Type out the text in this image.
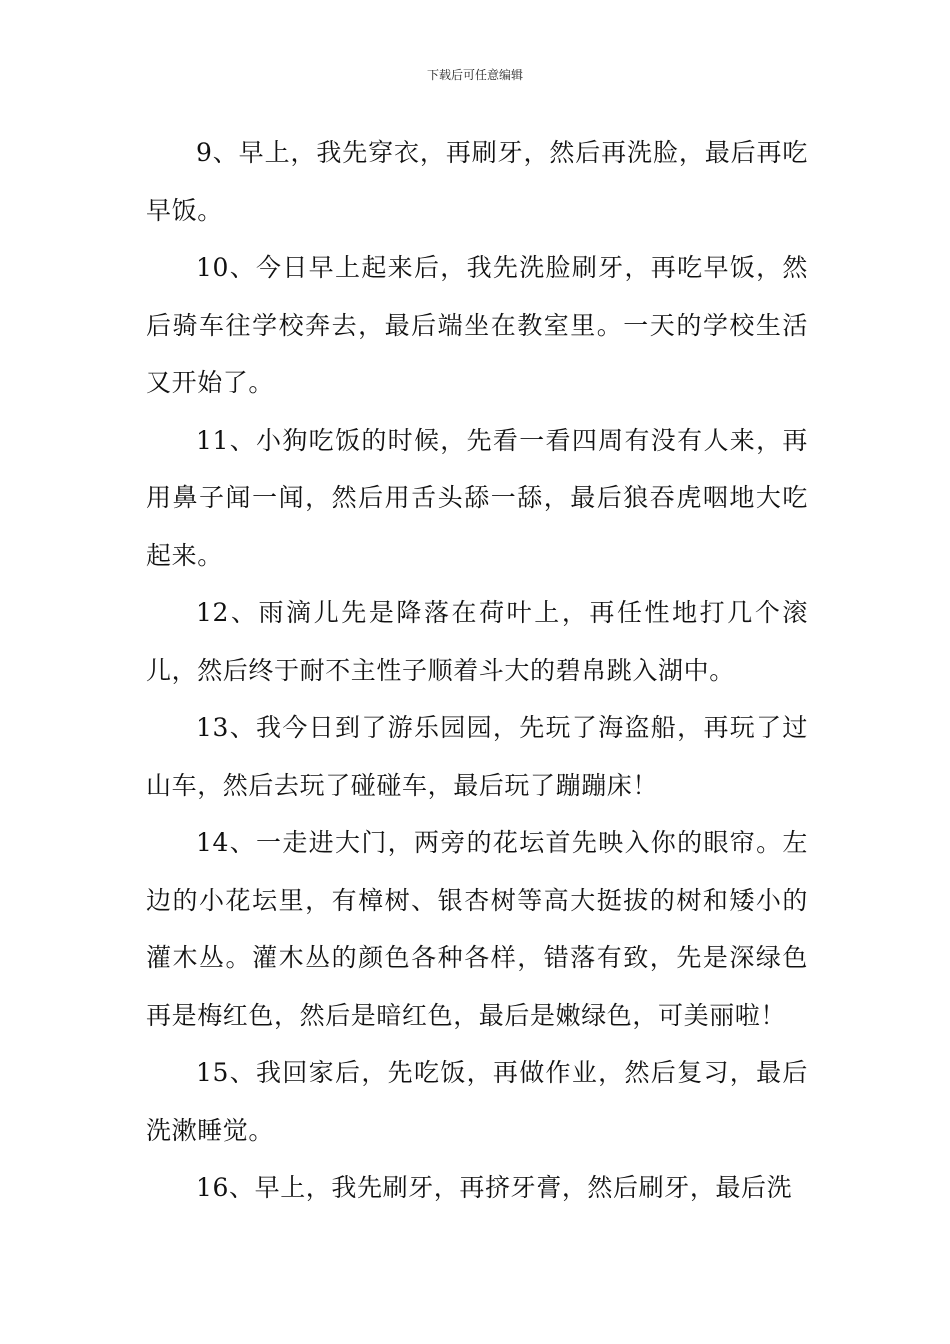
下载后可任意编辑

9、早上，我先穿衣，再刷牙，然后再洗脸，最后再吃早饭。

10、今日早上起来后，我先洗脸刷牙，再吃早饭，然后骑车往学校奔去，最后端坐在教室里。一天的学校生活又开始了。

11、小狗吃饭的时候，先看一看四周有没有人来，再用鼻子闻一闻，然后用舌头舔一舔，最后狼吞虎咽地大吃起来。

12、雨滴儿先是降落在荷叶上，再任性地打几个滚儿，然后终于耐不主性子顺着斗大的碧帛跳入湖中。

13、我今日到了游乐园园，先玩了海盗船，再玩了过山车，然后去玩了碰碰车，最后玩了蹦蹦床！

14、一走进大门，两旁的花坛首先映入你的眼帘。左边的小花坛里，有樟树、银杏树等高大挺拔的树和矮小的灌木丛。灌木丛的颜色各种各样，错落有致，先是深绿色再是梅红色，然后是暗红色，最后是嫩绿色，可美丽啦！

15、我回家后，先吃饭，再做作业，然后复习，最后洗漱睡觉。

16、早上，我先刷牙，再挤牙膏，然后刷牙，最后洗
